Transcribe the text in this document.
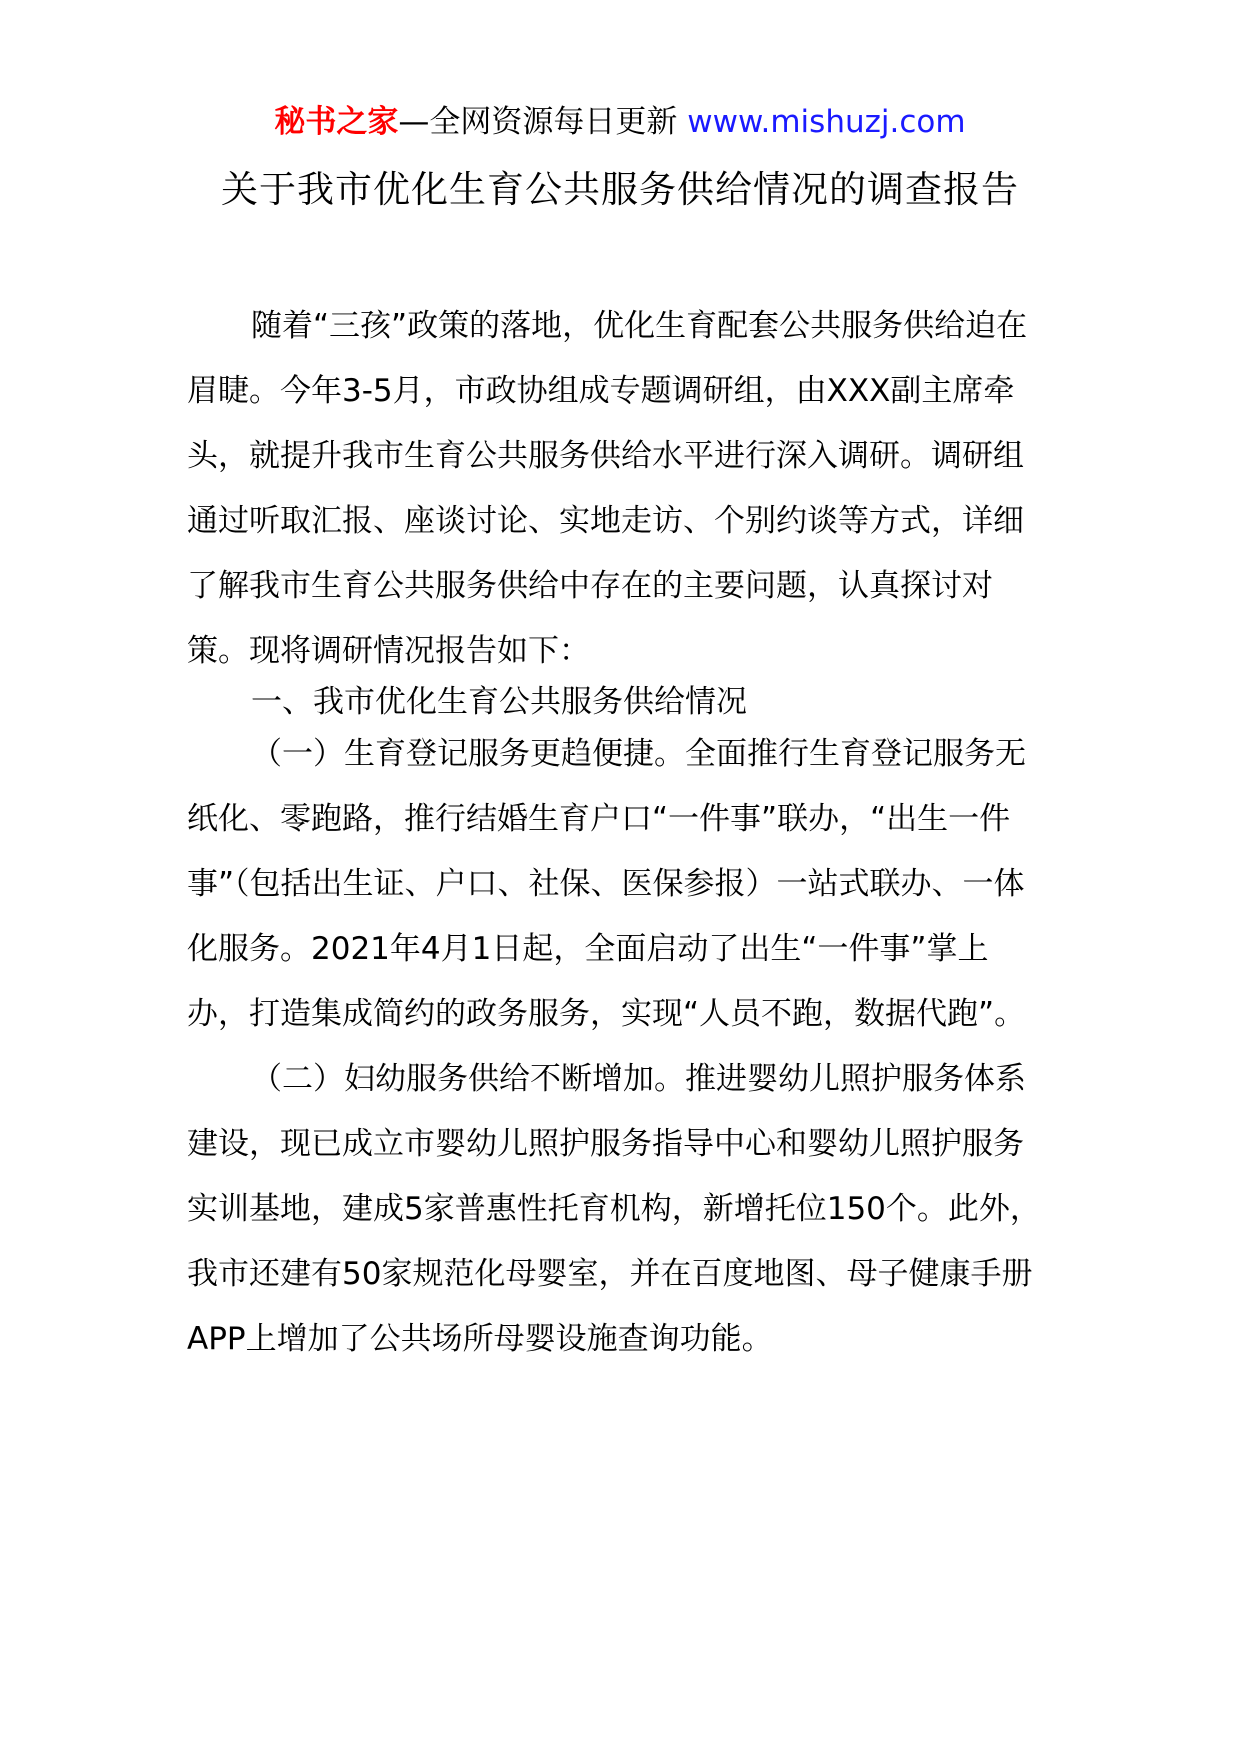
秘书之家—全网资源每日更新 www.mishuzj.com
关于我市优化生育公共服务供给情况的调查报告

随着“三孩”政策的落地，优化生育配套公共服务供给迫在眉睫。今年3-5月，市政协组成专题调研组，由XXX副主席牵头，就提升我市生育公共服务供给水平进行深入调研。调研组通过听取汇报、座谈讨论、实地走访、个别约谈等方式，详细了解我市生育公共服务供给中存在的主要问题，认真探讨对策。现将调研情况报告如下：

一、我市优化生育公共服务供给情况

（一）生育登记服务更趋便捷。全面推行生育登记服务无纸化、零跑路，推行结婚生育户口“一件事”联办，“出生一件事”（包括出生证、户口、社保、医保参报）一站式联办、一体化服务。2021年4月1日起，全面启动了出生“一件事”掌上办，打造集成简约的政务服务，实现“人员不跑，数据代跑”。

（二）妇幼服务供给不断增加。推进婴幼儿照护服务体系建设，现已成立市婴幼儿照护服务指导中心和婴幼儿照护服务实训基地，建成5家普惠性托育机构，新增托位150个。此外，我市还建有50家规范化母婴室，并在百度地图、母子健康手册APP上增加了公共场所母婴设施查询功能。
